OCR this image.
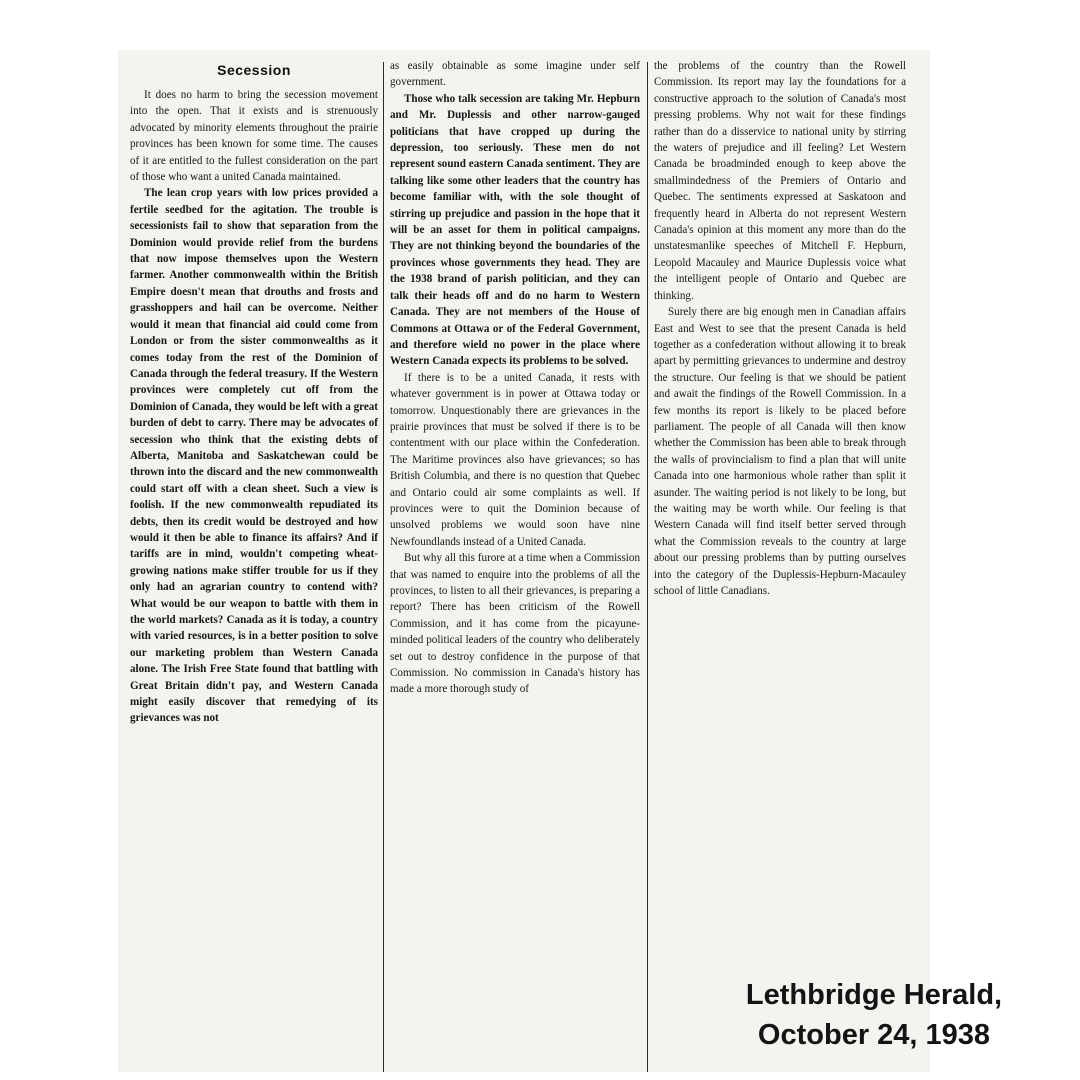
Secession

It does no harm to bring the secession movement into the open. That it exists and is strenuously advocated by minority elements throughout the prairie provinces has been known for some time. The causes of it are entitled to the fullest consideration on the part of those who want a united Canada maintained.

The lean crop years with low prices provided a fertile seedbed for the agitation. The trouble is secessionists fail to show that separation from the Dominion would provide relief from the burdens that now impose themselves upon the Western farmer. Another commonwealth within the British Empire doesn't mean that drouths and frosts and grasshoppers and hail can be overcome. Neither would it mean that financial aid could come from London or from the sister commonwealths as it comes today from the rest of the Dominion of Canada through the federal treasury. If the Western provinces were completely cut off from the Dominion of Canada, they would be left with a great burden of debt to carry. There may be advocates of secession who think that the existing debts of Alberta, Manitoba and Saskatchewan could be thrown into the discard and the new commonwealth could start off with a clean sheet. Such a view is foolish. If the new commonwealth repudiated its debts, then its credit would be destroyed and how would it then be able to finance its affairs? And if tariffs are in mind, wouldn't competing wheat-growing nations make stiffer trouble for us if they only had an agrarian country to contend with? What would be our weapon to battle with them in the world markets? Canada as it is today, a country with varied resources, is in a better position to solve our marketing problem than Western Canada alone. The Irish Free State found that battling with Great Britain didn't pay, and Western Canada might easily discover that remedying of its grievances was not

as easily obtainable as some imagine under self government.

Those who talk secession are taking Mr. Hepburn and Mr. Duplessis and other narrow-gauged politicians that have cropped up during the depression, too seriously. These men do not represent sound eastern Canada sentiment. They are talking like some other leaders that the country has become familiar with, with the sole thought of stirring up prejudice and passion in the hope that it will be an asset for them in political campaigns. They are not thinking beyond the boundaries of the provinces whose governments they head. They are the 1938 brand of parish politician, and they can talk their heads off and do no harm to Western Canada. They are not members of the House of Commons at Ottawa or of the Federal Government, and therefore wield no power in the place where Western Canada expects its problems to be solved.

If there is to be a united Canada, it rests with whatever government is in power at Ottawa today or tomorrow. Unquestionably there are grievances in the prairie provinces that must be solved if there is to be contentment with our place within the Confederation. The Maritime provinces also have grievances; so has British Columbia, and there is no question that Quebec and Ontario could air some complaints as well. If provinces were to quit the Dominion because of unsolved problems we would soon have nine Newfoundlands instead of a United Canada.

But why all this furore at a time when a Commission that was named to enquire into the problems of all the provinces, to listen to all their grievances, is preparing a report? There has been criticism of the Rowell Commission, and it has come from the picayune-minded political leaders of the country who deliberately set out to destroy confidence in the purpose of that Commission. No commission in Canada's history has made a more thorough study of

the problems of the country than the Rowell Commission. Its report may lay the foundations for a constructive approach to the solution of Canada's most pressing problems. Why not wait for these findings rather than do a disservice to national unity by stirring the waters of prejudice and ill feeling? Let Western Canada be broadminded enough to keep above the smallmindedness of the Premiers of Ontario and Quebec. The sentiments expressed at Saskatoon and frequently heard in Alberta do not represent Western Canada's opinion at this moment any more than do the unstatesmanlike speeches of Mitchell F. Hepburn, Leopold Macauley and Maurice Duplessis voice what the intelligent people of Ontario and Quebec are thinking.

Surely there are big enough men in Canadian affairs East and West to see that the present Canada is held together as a confederation without allowing it to break apart by permitting grievances to undermine and destroy the structure. Our feeling is that we should be patient and await the findings of the Rowell Commission. In a few months its report is likely to be placed before parliament. The people of all Canada will then know whether the Commission has been able to break through the walls of provincialism to find a plan that will unite Canada into one harmonious whole rather than split it asunder. The waiting period is not likely to be long, but the waiting may be worth while. Our feeling is that Western Canada will find itself better served through what the Commission reveals to the country at large about our pressing problems than by putting ourselves into the category of the Duplessis-Hepburn-Macauley school of little Canadians.

Lethbridge Herald,
October 24, 1938
